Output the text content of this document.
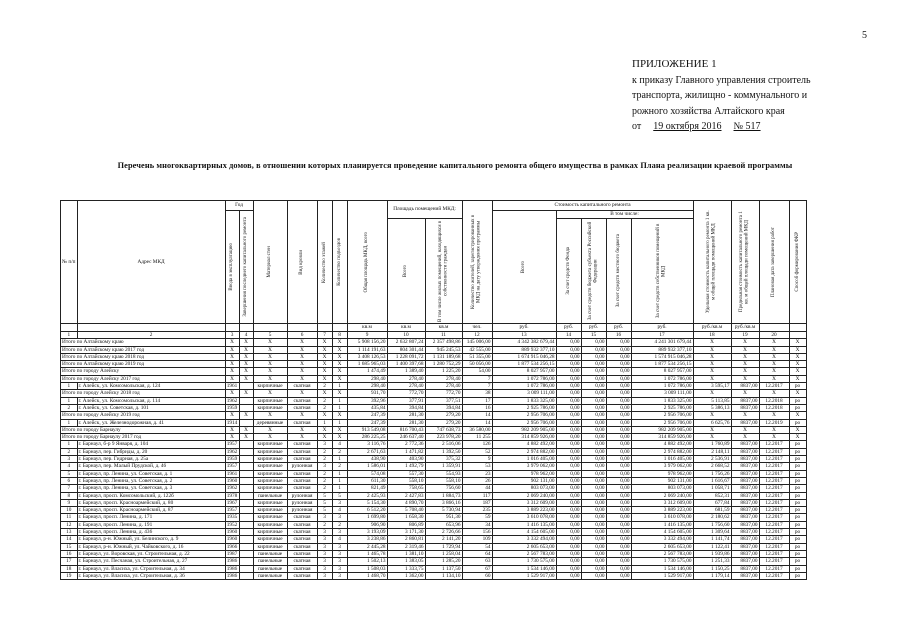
5
ПРИЛОЖЕНИЕ 1
к приказу Главного управления строитель
транспорта, жилищно - коммунального и
рожного хозяйства Алтайского края
от 19 октября 2016 № 517
Перечень многоквартирных домов, в отношении которых планируется проведение капитального ремонта общего имущества в рамках Плана реализации краевой программы
№ п/п	Адрес МКД	Год		Материал стен	Вид кровли	Количество этажей	Количество подъездов	Общая площадь МКД, всего	Площадь помещений МКД:		Количество жителей, зарегистрированных в МКД на дату утверждения программы	Стоимость капитального ремонта					Удельная стоимость капитального ремонта 1 кв. м общей площади помещений МКД	Предельная стоимость капитального ремонта 1 кв. м общей площади помещений МКД	Плановая дата завершения работ	Способ формирования ФКР

		Ввода в эксплуатацию	Завершения последнего капитального ремонта									Всего	В том числе:							

									Всего	В том числе жилых помещений, находящихся в собственности граждан			За счет средств Фонда	За счет средств бюджета субъекта Российской Федерации	За счет средств местного бюджета	За счет средств собственников помещений в МКД				

								кв.м	кв.м	кв.м	чел.	руб.	руб.	руб.	руб.	руб.	руб./кв.м	руб./кв.м		
1	2	3	4	5	6	7	8	9	10	11	12	13	14	15	16	17	18	19	20	
Итого по Алтайскому краю		X	X	X	X	X	X	5 908 156,20	2 632 807,24	2 357 498,86	145 006,00	4 342 382 679,44	0,00	0,00	0,00	4 241 301 679,44	X	X	X	X
Итого по Алтайскому краю 2017 год		X	X	X	X	X	X	1 114 191,63	804 301,44	945 245,53	42 555,00	889 932 377,10	0,00	0,00	0,00	889 932 377,10	X	X	X	X
Итого по Алтайскому краю 2018 год		X	X	X	X	X	X	3 408 126,53	1 228 091,72	1 131 189,68	51 355,00	1 674 915 046,28	0,00	0,00	0,00	1 574 915 046,28	X	X	X	X
Итого по Алтайскому краю 2019 год		X	X	X	X	X	X	1 685 965,03	1 400 397,68	1 280 752,29	50 056,00	1 877 534 256,15	0,00	0,00	0,00	1 877 534 256,15	X	X	X	X
Итого по городу Алейску		X	X	X	X	X	X	1 474,49	1 389,40	1 225,20	54,00	8 027 957,00	0,00	0,00	0,00	8 027 957,00	X	X	X	X
Итого по городу Алейску 2017 год		X	X	X	X	X	X	298,40	278,40	278,40	7	1 072 786,00	0,00	0,00	0,00	1 072 786,00	X	X	X	X
1	г. Алейск, ул. Комсомольская, д. 124	1961		кирпичные	скатная	2	1	298,40	278,40	278,40	7	1 072 786,00	0,00	0,00	0,00	1 072 786,00	3 595,17	8837,00	12.2017	ро
Итого по городу Алейску 2018 год		X	X	X	X	X	X	931,70	772,70	772,70	38	3 009 111,00	0,00	0,00	0,00	3 009 111,00	X	X	X	X
1	г. Алейск, ул. Комсомольская, д. 114	1962		кирпичные	скатная	2	1	392,96	377,91	377,51	17	1 833 325,00	0,00	0,00	0,00	1 833 325,00	5 113,85	8837,00	12.2018	ро
2	г. Алейск, ул. Советская, д. 101	1959		кирпичные	скатная	2	1	435,84	394,84	394,84	16	2 925 786,00	0,00	0,00	0,00	2 925 786,00	5 386,13	8837,00	12.2018	ро
Итого по городу Алейску 2019 год		X	X	X	X	X	X	247,39	281,30	279,20	14	2 956 706,00	0,00	0,00	0,00	2 956 706,00	X	X	X	X
1	г. Алейск, ул. Железнодорожная, д. 41	1914		деревянные	скатная	1	1	247,39	281,30	279,20	14	2 956 706,00	0,00	0,00	0,00	2 956 706,00	6 625,76	8837,00	12.2019	ро
Итого по городу Барнаулу		X	X	X	X	X	X	913 549,08	816 700,43	747 638,73	36 580,00	982 209 905,00	0,00	0,00	0,00	982 209 905,00	X	X	X	X
Итого по городу Барнаулу 2017 год		X	X	X	X	X	X	286 225,25	246 637,40	223 978,20	11 255	314 859 926,00	0,00	0,00	0,00	314 859 926,00	X	X	X	X
1	г. Барнаул, б-р 9 Января, д. 104	1957		кирпичные	скатная	3	4	3 116,76	2 772,36	2 516,06	126	4 882 492,00	0,00	0,00	0,00	4 882 492,00	1 760,89	8837,00	12.2017	ро
2	г. Барнаул, пер. Гибриды, д. 20	1962		кирпичные	скатная	2	2	2 671,63	1 471,82	1 392,50	52	2 974 882,00	0,00	0,00	0,00	2 974 882,00	2 148,11	8837,00	12.2017	ро
3	г. Барнаул, пер. Гидрная, д. 25а	1959		кирпичные	скатная	2	1	438,90	403,90	375,32	9	1 016 405,00	0,00	0,00	0,00	1 016 405,00	2 536,91	8837,00	12.2017	ро
4	г. Барнаул, пер. Малый Прудской, д. 46	1957		кирпичные	рулонная	3	2	1 586,01	1 492,79	1 359,91	53	3 979 062,00	0,00	0,00	0,00	3 979 062,00	2 668,52	8837,00	12.2017	ро
5	г. Барнаул, пр. Ленина, ул. Советская, д. 1	1961		кирпичные	скатная	2	1	574,08	557,30	554,93	23	978 962,00	0,00	0,00	0,00	978 962,00	1 756,26	8837,00	12.2017	ро
6	г. Барнаул, пр. Ленина, ул. Советская, д. 2	1960		кирпичные	скатная	2	1	611,30	558,10	558,10	26	902 131,00	0,00	0,00	0,00	902 131,00	1 616,67	8837,00	12.2017	ро
7	г. Барнаул, пр. Ленина, ул. Советская, д. 3	1962		кирпичные	скатная	2	1	821,49	758,65	756,60	44	803 073,00	0,00	0,00	0,00	803 073,00	1 058,71	8837,00	12.2017	ро
8	г. Барнаул, просп. Комсомольский, д. 122б	1978		панельные	рулонная	5	5	2 425,93	2 427,83	1 884,73	117	2 069 240,00	0,00	0,00	0,00	2 069 240,00	852,31	8837,00	12.2017	ро
9	г. Барнаул, просп. Красноармейский, д. 80	1967		кирпичные	рулонная	5	3	5 154,30	4 890,70	3 866,16	187	3 312 609,00	0,00	0,00	0,00	3 312 609,00	677,84	8837,00	12.2017	ро
10	г. Барнаул, просп. Красноармейский, д. 87	1957		кирпичные	рулонная	5	4	6 512,20	5 708,40	5 730,94	235	3 889 223,00	0,00	0,00	0,00	3 889 223,00	681,59	8837,00	12.2017	ро
11	г. Барнаул, просп. Ленина, д. 171	1935		кирпичные	скатная	3	3	1 699,80	1 658,30	951,30	59	3 610 078,00	0,00	0,00	0,00	3 610 078,00	2 180,62	8837,00	12.2017	ро
12	г. Барнаул, просп. Ленина, д. 191	1952		кирпичные	скатная	2	2	906,90	806,89	653,96	34	1 416 135,00	0,00	0,00	0,00	1 416 135,00	1 756,60	8837,00	12.2017	ро
13	г. Барнаул, просп. Ленина, д. 436	1960		кирпичные	скатная	3	3	3 193,09	3 171,30	2 726,66	156	4 154 605,00	0,00	0,00	0,00	4 154 605,00	1 309,64	8837,00	12.2017	ро
14	г. Барнаул, р-н. Южный, ул. Белинского, д. 9	1960		кирпичные	скатная	3	4	3 238,86	2 860,81	2 141,20	109	3 332 494,00	0,00	0,00	0,00	3 332 494,00	1 141,74	8837,00	12.2017	ро
15	г. Барнаул, р-н. Южный, ул. Чайковского, д. 16	1966		кирпичные	скатная	3	3	2 445,28	2 319,46	1 729,94	54	2 605 653,00	0,00	0,00	0,00	2 605 653,00	1 122,41	8837,00	12.2017	ро
16	г. Барнаул, ул. Воровская, ул. Строительная, д. 22	1987		панельные	скатная	3	3	1 465,78	1 381,10	1 258,04	64	2 567 783,00	0,00	0,00	0,00	2 567 783,00	1 939,86	8837,00	12.2017	ро
17	г. Барнаул, ул. Песчаная, ул. Строительная, д. 27	1986		панельные	скатная	3	3	1 502,13	1 383,05	1 285,20	63	1 730 575,00	0,00	0,00	0,00	1 730 575,00	1 251,33	8837,00	12.2017	ро
18	г. Барнаул, ул. Власиха, ул. Строительная, д. 34	1986		панельные	скатная	3	3	1 508,03	1 333,75	1 137,50	67	1 534 146,00	0,00	0,00	0,00	1 534 146,00	1 150,25	8837,00	12.2017	ро
19	г. Барнаул, ул. Власиха, ул. Строительная, д. 36	1986		панельные	скатная	3	3	1 468,70	1 362,00	1 134,10	60	1 529 917,00	0,00	0,00	0,00	1 529 917,00	1 179,14	8837,00	12.2017	ро
